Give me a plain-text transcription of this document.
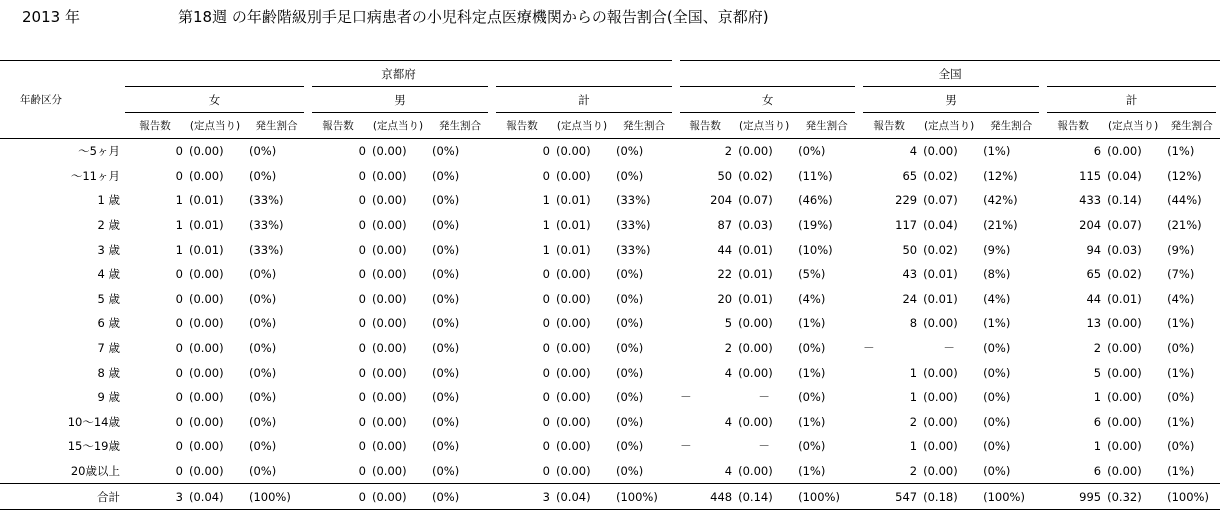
2013 年	第18週 の年齢階級別手足口病患者の小児科定点医療機関からの報告割合(全国、京都府)
年齢区分	京都府									全国								
	女			男			計			女			男			計		
	報告数	(定点当り)	発生割合	報告数	(定点当り)	発生割合	報告数	(定点当り)	発生割合	報告数	(定点当り)	発生割合	報告数	(定点当り)	発生割合	報告数	(定点当り)	発生割合
～5ヶ月	0	(0.00)	(0%)	0	(0.00)	(0%)	0	(0.00)	(0%)	2	(0.00)	(0%)	4	(0.00)	(1%)	6	(0.00)	(1%)
～11ヶ月	0	(0.00)	(0%)	0	(0.00)	(0%)	0	(0.00)	(0%)	50	(0.02)	(11%)	65	(0.02)	(12%)	115	(0.04)	(12%)
1 歳	1	(0.01)	(33%)	0	(0.00)	(0%)	1	(0.01)	(33%)	204	(0.07)	(46%)	229	(0.07)	(42%)	433	(0.14)	(44%)
2 歳	1	(0.01)	(33%)	0	(0.00)	(0%)	1	(0.01)	(33%)	87	(0.03)	(19%)	117	(0.04)	(21%)	204	(0.07)	(21%)
3 歳	1	(0.01)	(33%)	0	(0.00)	(0%)	1	(0.01)	(33%)	44	(0.01)	(10%)	50	(0.02)	(9%)	94	(0.03)	(9%)
4 歳	0	(0.00)	(0%)	0	(0.00)	(0%)	0	(0.00)	(0%)	22	(0.01)	(5%)	43	(0.01)	(8%)	65	(0.02)	(7%)
5 歳	0	(0.00)	(0%)	0	(0.00)	(0%)	0	(0.00)	(0%)	20	(0.01)	(4%)	24	(0.01)	(4%)	44	(0.01)	(4%)
6 歳	0	(0.00)	(0%)	0	(0.00)	(0%)	0	(0.00)	(0%)	5	(0.00)	(1%)	8	(0.00)	(1%)	13	(0.00)	(1%)
7 歳	0	(0.00)	(0%)	0	(0.00)	(0%)	0	(0.00)	(0%)	2	(0.00)	(0%)	－	－	(0%)	2	(0.00)	(0%)
8 歳	0	(0.00)	(0%)	0	(0.00)	(0%)	0	(0.00)	(0%)	4	(0.00)	(1%)	1	(0.00)	(0%)	5	(0.00)	(1%)
9 歳	0	(0.00)	(0%)	0	(0.00)	(0%)	0	(0.00)	(0%)	－	－	(0%)	1	(0.00)	(0%)	1	(0.00)	(0%)
10～14歳	0	(0.00)	(0%)	0	(0.00)	(0%)	0	(0.00)	(0%)	4	(0.00)	(1%)	2	(0.00)	(0%)	6	(0.00)	(1%)
15～19歳	0	(0.00)	(0%)	0	(0.00)	(0%)	0	(0.00)	(0%)	－	－	(0%)	1	(0.00)	(0%)	1	(0.00)	(0%)
20歳以上	0	(0.00)	(0%)	0	(0.00)	(0%)	0	(0.00)	(0%)	4	(0.00)	(1%)	2	(0.00)	(0%)	6	(0.00)	(1%)
合計	3	(0.04)	(100%)	0	(0.00)	(0%)	3	(0.04)	(100%)	448	(0.14)	(100%)	547	(0.18)	(100%)	995	(0.32)	(100%)
